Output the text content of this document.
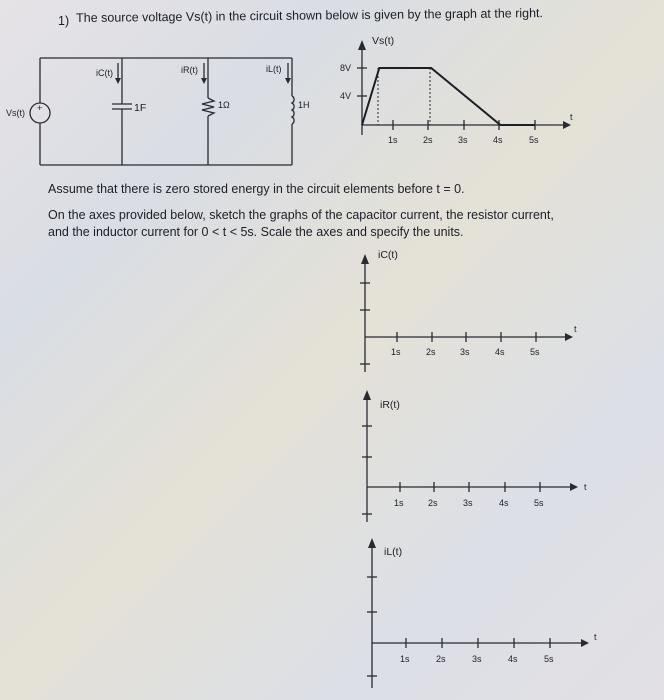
1) The source voltage Vs(t) in the circuit shown below is given by the graph at the right.
Assume that there is zero stored energy in the circuit elements before t = 0.
On the axes provided below, sketch the graphs of the capacitor current, the resistor current,
and the inductor current for 0 < t < 5s. Scale the axes and specify the units.
+
Vs(t)
iC(t)	iR(t)	iL(t)
1F	1Ω	1H
Vs(t)
t
8V
4V
1s	2s	3s	4s	5s
iC(t)
t
1s	2s	3s	4s	5s
iR(t)
t
1s	2s	3s	4s	5s
iL(t)
t
1s	2s	3s	4s	5s
